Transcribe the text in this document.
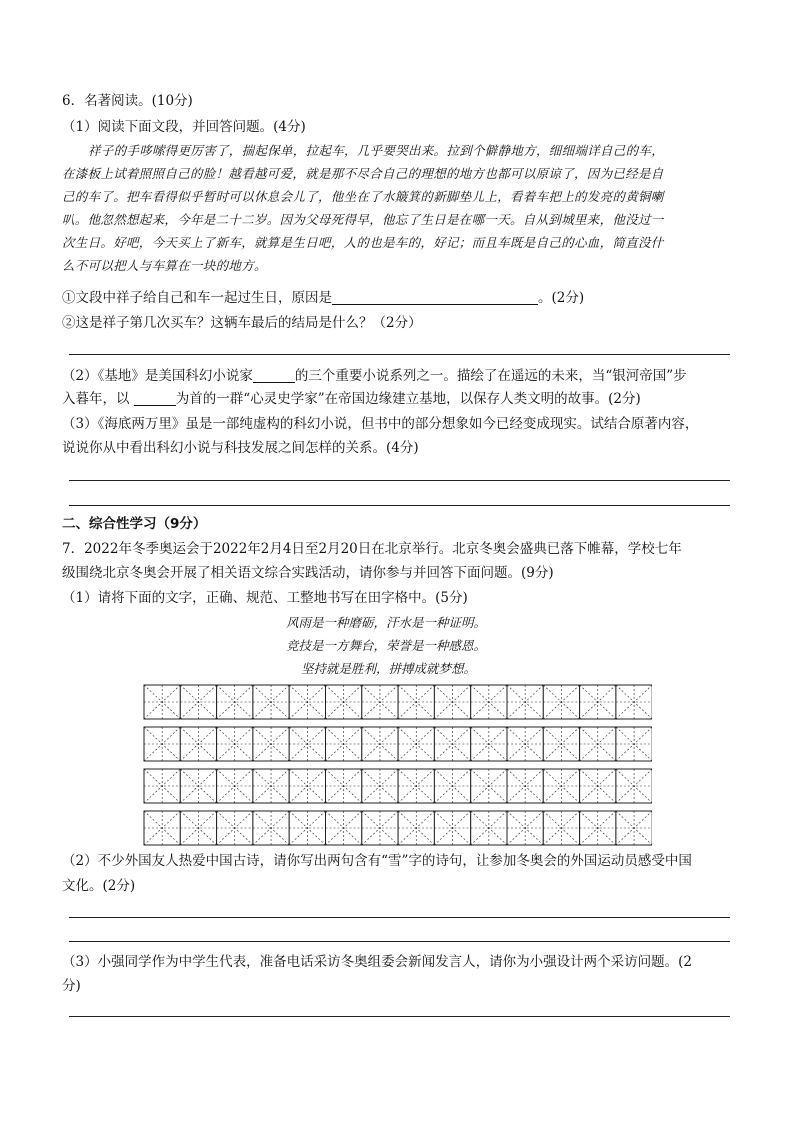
6．名著阅读。(10分)
（1）阅读下面文段，并回答问题。(4分)
祥子的手哆嗦得更厉害了，揣起保单，拉起车，几乎要哭出来。拉到个僻静地方，细细端详自己的车，
在漆板上试着照照自己的脸！越看越可爱，就是那不尽合自己的理想的地方也都可以原谅了，因为已经是自
己的车了。把车看得似乎暂时可以休息会儿了，他坐在了水簸箕的新脚垫儿上，看着车把上的发亮的黄铜喇
叭。他忽然想起来，今年是二十二岁。因为父母死得早，他忘了生日是在哪一天。自从到城里来，他没过一
次生日。好吧，今天买上了新车，就算是生日吧，人的也是车的，好记；而且车既是自己的心血，简直没什
么不可以把人与车算在一块的地方。
①文段中祥子给自己和车一起过生日，原因是	。(2分)
②这是祥子第几次买车？这辆车最后的结局是什么？（2分）
（2）《基地》是美国科幻小说家	的三个重要小说系列之一。描绘了在遥远的未来，当“银河帝国”步
入暮年，以	为首的一群“心灵史学家”在帝国边缘建立基地，以保存人类文明的故事。(2分)
（3）《海底两万里》虽是一部纯虚构的科幻小说，但书中的部分想象如今已经变成现实。试结合原著内容，
说说你从中看出科幻小说与科技发展之间怎样的关系。(4分)
二、综合性学习（9分）
7．2022年冬季奥运会于2022年2月4日至2月20日在北京举行。北京冬奥会盛典已落下帷幕，学校七年
级围绕北京冬奥会开展了相关语文综合实践活动，请你参与并回答下面问题。(9分)
（1）请将下面的文字，正确、规范、工整地书写在田字格中。(5分)
风雨是一种磨砺，汗水是一种证明。
竞技是一方舞台，荣誉是一种感恩。
坚持就是胜利，拼搏成就梦想。
（2）不少外国友人热爱中国古诗，请你写出两句含有“雪”字的诗句，让参加冬奥会的外国运动员感受中国
文化。(2分)
（3）小强同学作为中学生代表，准备电话采访冬奥组委会新闻发言人，请你为小强设计两个采访问题。(2
分)
